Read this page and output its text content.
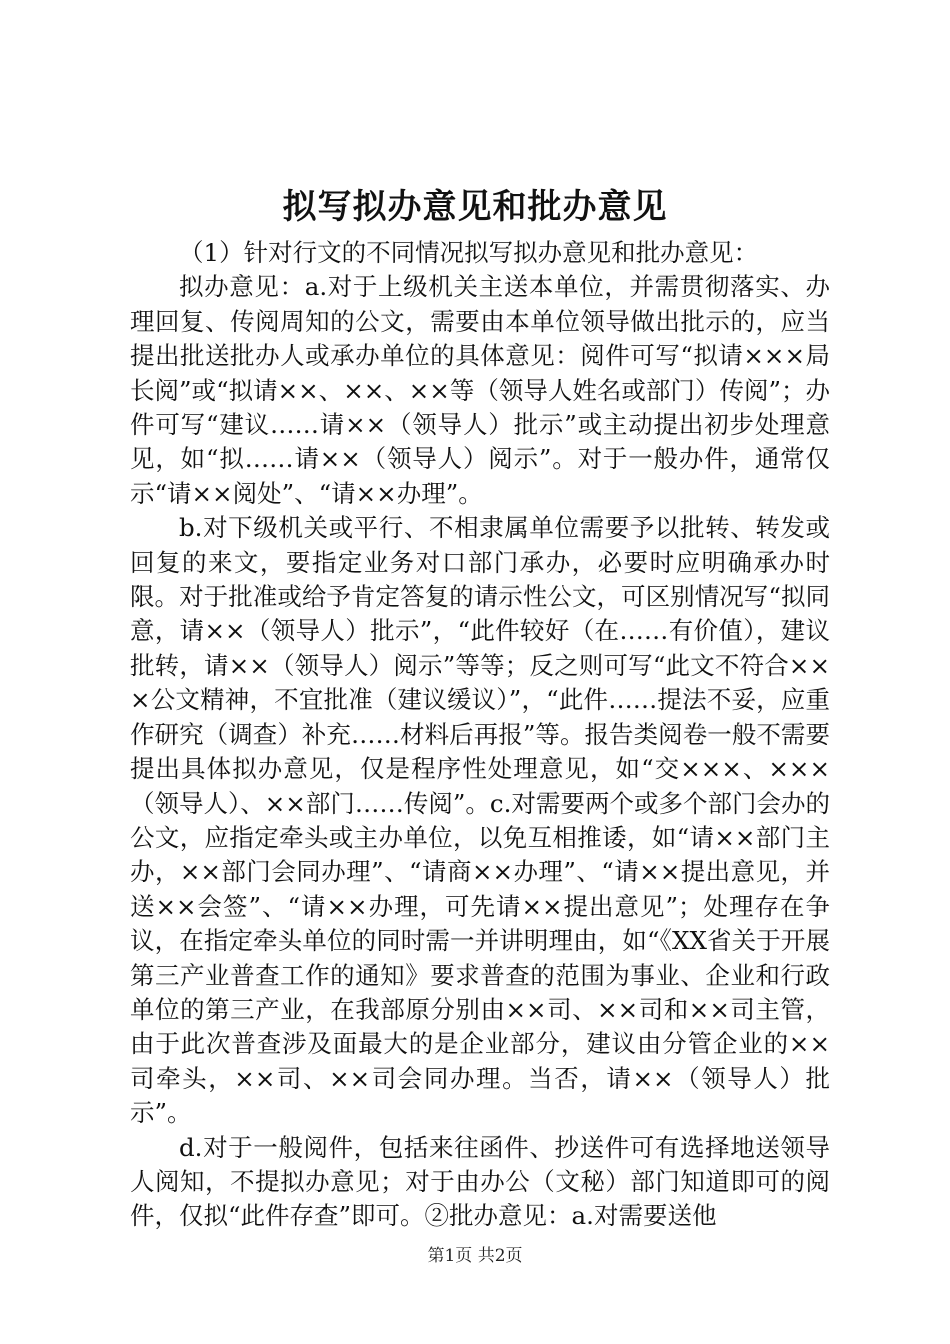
拟写拟办意见和批办意见

（1）针对行文的不同情况拟写拟办意见和批办意见：

拟办意见：a.对于上级机关主送本单位，并需贯彻落实、办理回复、传阅周知的公文，需要由本单位领导做出批示的，应当提出批送批办人或承办单位的具体意见：阅件可写“拟请×××局长阅”或“拟请××、××、××等（领导人姓名或部门）传阅”；办件可写“建议……请××（领导人）批示”或主动提出初步处理意见，如“拟……请××（领导人）阅示”。对于一般办件，通常仅示“请××阅处”、“请××办理”。

b.对下级机关或平行、不相隶属单位需要予以批转、转发或回复的来文，要指定业务对口部门承办，必要时应明确承办时限。对于批准或给予肯定答复的请示性公文，可区别情况写“拟同意，请××（领导人）批示”，“此件较好（在……有价值），建议批转，请××（领导人）阅示”等等；反之则可写“此文不符合×××公文精神，不宜批准（建议缓议）”，“此件……提法不妥，应重作研究（调查）补充……材料后再报”等。报告类阅卷一般不需要提出具体拟办意见，仅是程序性处理意见，如“交×××、×××（领导人）、××部门……传阅”。c.对需要两个或多个部门会办的公文，应指定牵头或主办单位，以免互相推诿，如“请××部门主办，××部门会同办理”、“请商××办理”、“请××提出意见，并送××会签”、“请××办理，可先请××提出意见”；处理存在争议，在指定牵头单位的同时需一并讲明理由，如“《XX省关于开展第三产业普查工作的通知》要求普查的范围为事业、企业和行政单位的第三产业，在我部原分别由××司、××司和××司主管，由于此次普查涉及面最大的是企业部分，建议由分管企业的××司牵头，××司、××司会同办理。当否，请××（领导人）批示”。

d.对于一般阅件，包括来往函件、抄送件可有选择地送领导人阅知，不提拟办意见；对于由办公（文秘）部门知道即可的阅件，仅拟“此件存查”即可。②批办意见：a.对需要送他

第1页 共2页
